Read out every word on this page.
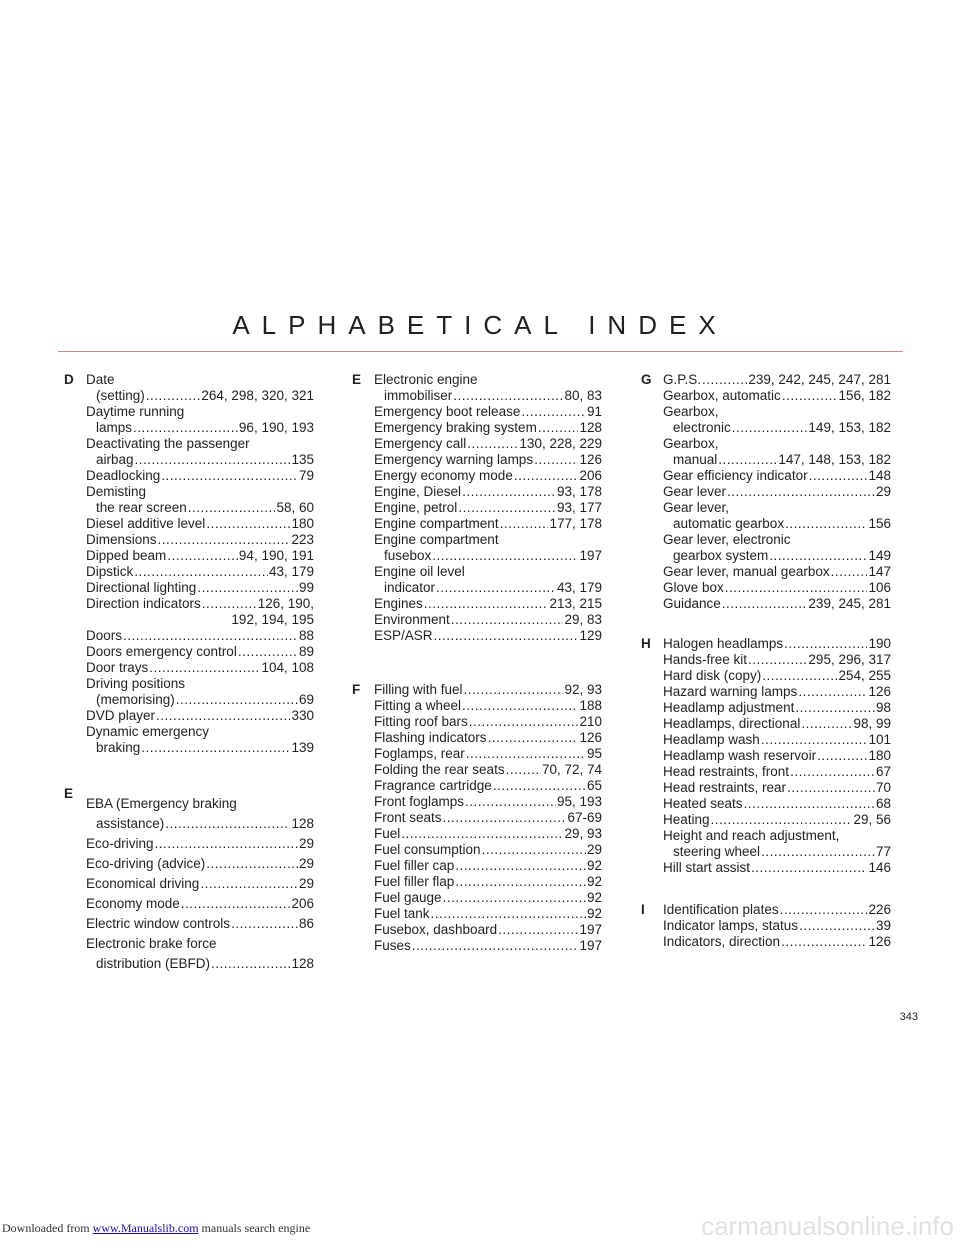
ALPHABETICAL INDEX
D Date
(setting) .....	264, 298, 320, 321
Daytime running
lamps .....	96, 190, 193
Deactivating the passenger
airbag .....	135
Deadlocking .....	79
Demisting
the rear screen .....	58, 60
Diesel additive level .....	180
Dimensions .....	223
Dipped beam .....	94, 190, 191
Dipstick .....	43, 179
Directional lighting .....	99
Direction indicators .....	126, 190,
192, 194, 195
Doors .....	88
Doors emergency control .....	89
Door trays .....	104, 108
Driving positions
(memorising) .....	69
DVD player .....	330
Dynamic emergency
braking .....	139
E
EBA (Emergency braking
assistance) .....	128
Eco-driving .....	29
Eco-driving (advice) .....	29
Economical driving .....	29
Economy mode .....	206
Electric window controls .....	86
Electronic brake force
distribution (EBFD) .....	128
E Electronic engine
immobiliser .....	80, 83
Emergency boot release .....	91
Emergency braking system .....	128
Emergency call .....	130, 228, 229
Emergency warning lamps .....	126
Energy economy mode .....	206
Engine, Diesel .....	93, 178
Engine, petrol .....	93, 177
Engine compartment .....	177, 178
Engine compartment
fusebox .....	197
Engine oil level
indicator .....	43, 179
Engines .....	213, 215
Environment .....	29, 83
ESP/ASR .....	129
F Filling with fuel .....	92, 93
Fitting a wheel .....	188
Fitting roof bars .....	210
Flashing indicators .....	126
Foglamps, rear .....	95
Folding the rear seats .....	70, 72, 74
Fragrance cartridge .....	65
Front foglamps .....	95, 193
Front seats .....	67-69
Fuel .....	29, 93
Fuel consumption .....	29
Fuel filler cap .....	92
Fuel filler flap .....	92
Fuel gauge .....	92
Fuel tank .....	92
Fusebox, dashboard .....	197
Fuses .....	197
G G.P.S. .....	239, 242, 245, 247, 281
Gearbox, automatic .....	156, 182
Gearbox,
electronic .....	149, 153, 182
Gearbox,
manual .....	147, 148, 153, 182
Gear efficiency indicator .....	148
Gear lever .....	29
Gear lever,
automatic gearbox .....	156
Gear lever, electronic
gearbox system .....	149
Gear lever, manual gearbox .....	147
Glove box .....	106
Guidance .....	239, 245, 281
H Halogen headlamps .....	190
Hands-free kit .....	295, 296, 317
Hard disk (copy) .....	254, 255
Hazard warning lamps .....	126
Headlamp adjustment .....	98
Headlamps, directional .....	98, 99
Headlamp wash .....	101
Headlamp wash reservoir .....	180
Head restraints, front .....	67
Head restraints, rear .....	70
Heated seats .....	68
Heating .....	29, 56
Height and reach adjustment,
steering wheel .....	77
Hill start assist .....	146
I Identification plates .....	226
Indicator lamps, status .....	39
Indicators, direction .....	126
343
Downloaded from www.Manualslib.com manuals search engine	carmanualsonline.info
